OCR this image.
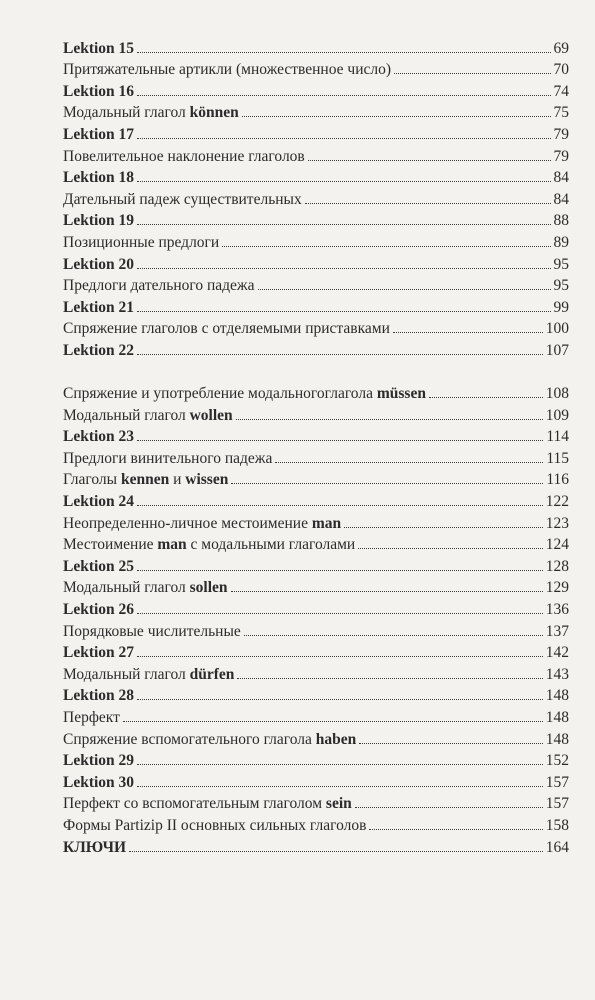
Lektion 15	69
Притяжательные артикли (множественное число)	70
Lektion 16	74
Модальный глагол können	75
Lektion 17	79
Повелительное наклонение глаголов	79
Lektion 18	84
Дательный падеж существительных	84
Lektion 19	88
Позиционные предлоги	89
Lektion 20	95
Предлоги дательного падежа	95
Lektion 21	99
Спряжение глаголов с отделяемыми приставками	100
Lektion 22	107
Спряжение и употребление модальногоглагола müssen	108
Модальный глагол wollen	109
Lektion 23	114
Предлоги винительного падежа	115
Глаголы kennen и wissen	116
Lektion 24	122
Неопределенно-личное местоимение man	123
Местоимение man с модальными глаголами	124
Lektion 25	128
Модальный глагол sollen	129
Lektion 26	136
Порядковые числительные	137
Lektion 27	142
Модальный глагол dürfen	143
Lektion 28	148
Перфект	148
Спряжение вспомогательного глагола haben	148
Lektion 29	152
Lektion 30	157
Перфект со вспомогательным глаголом sein	157
Формы Partizip II основных сильных глаголов	158
КЛЮЧИ	164
